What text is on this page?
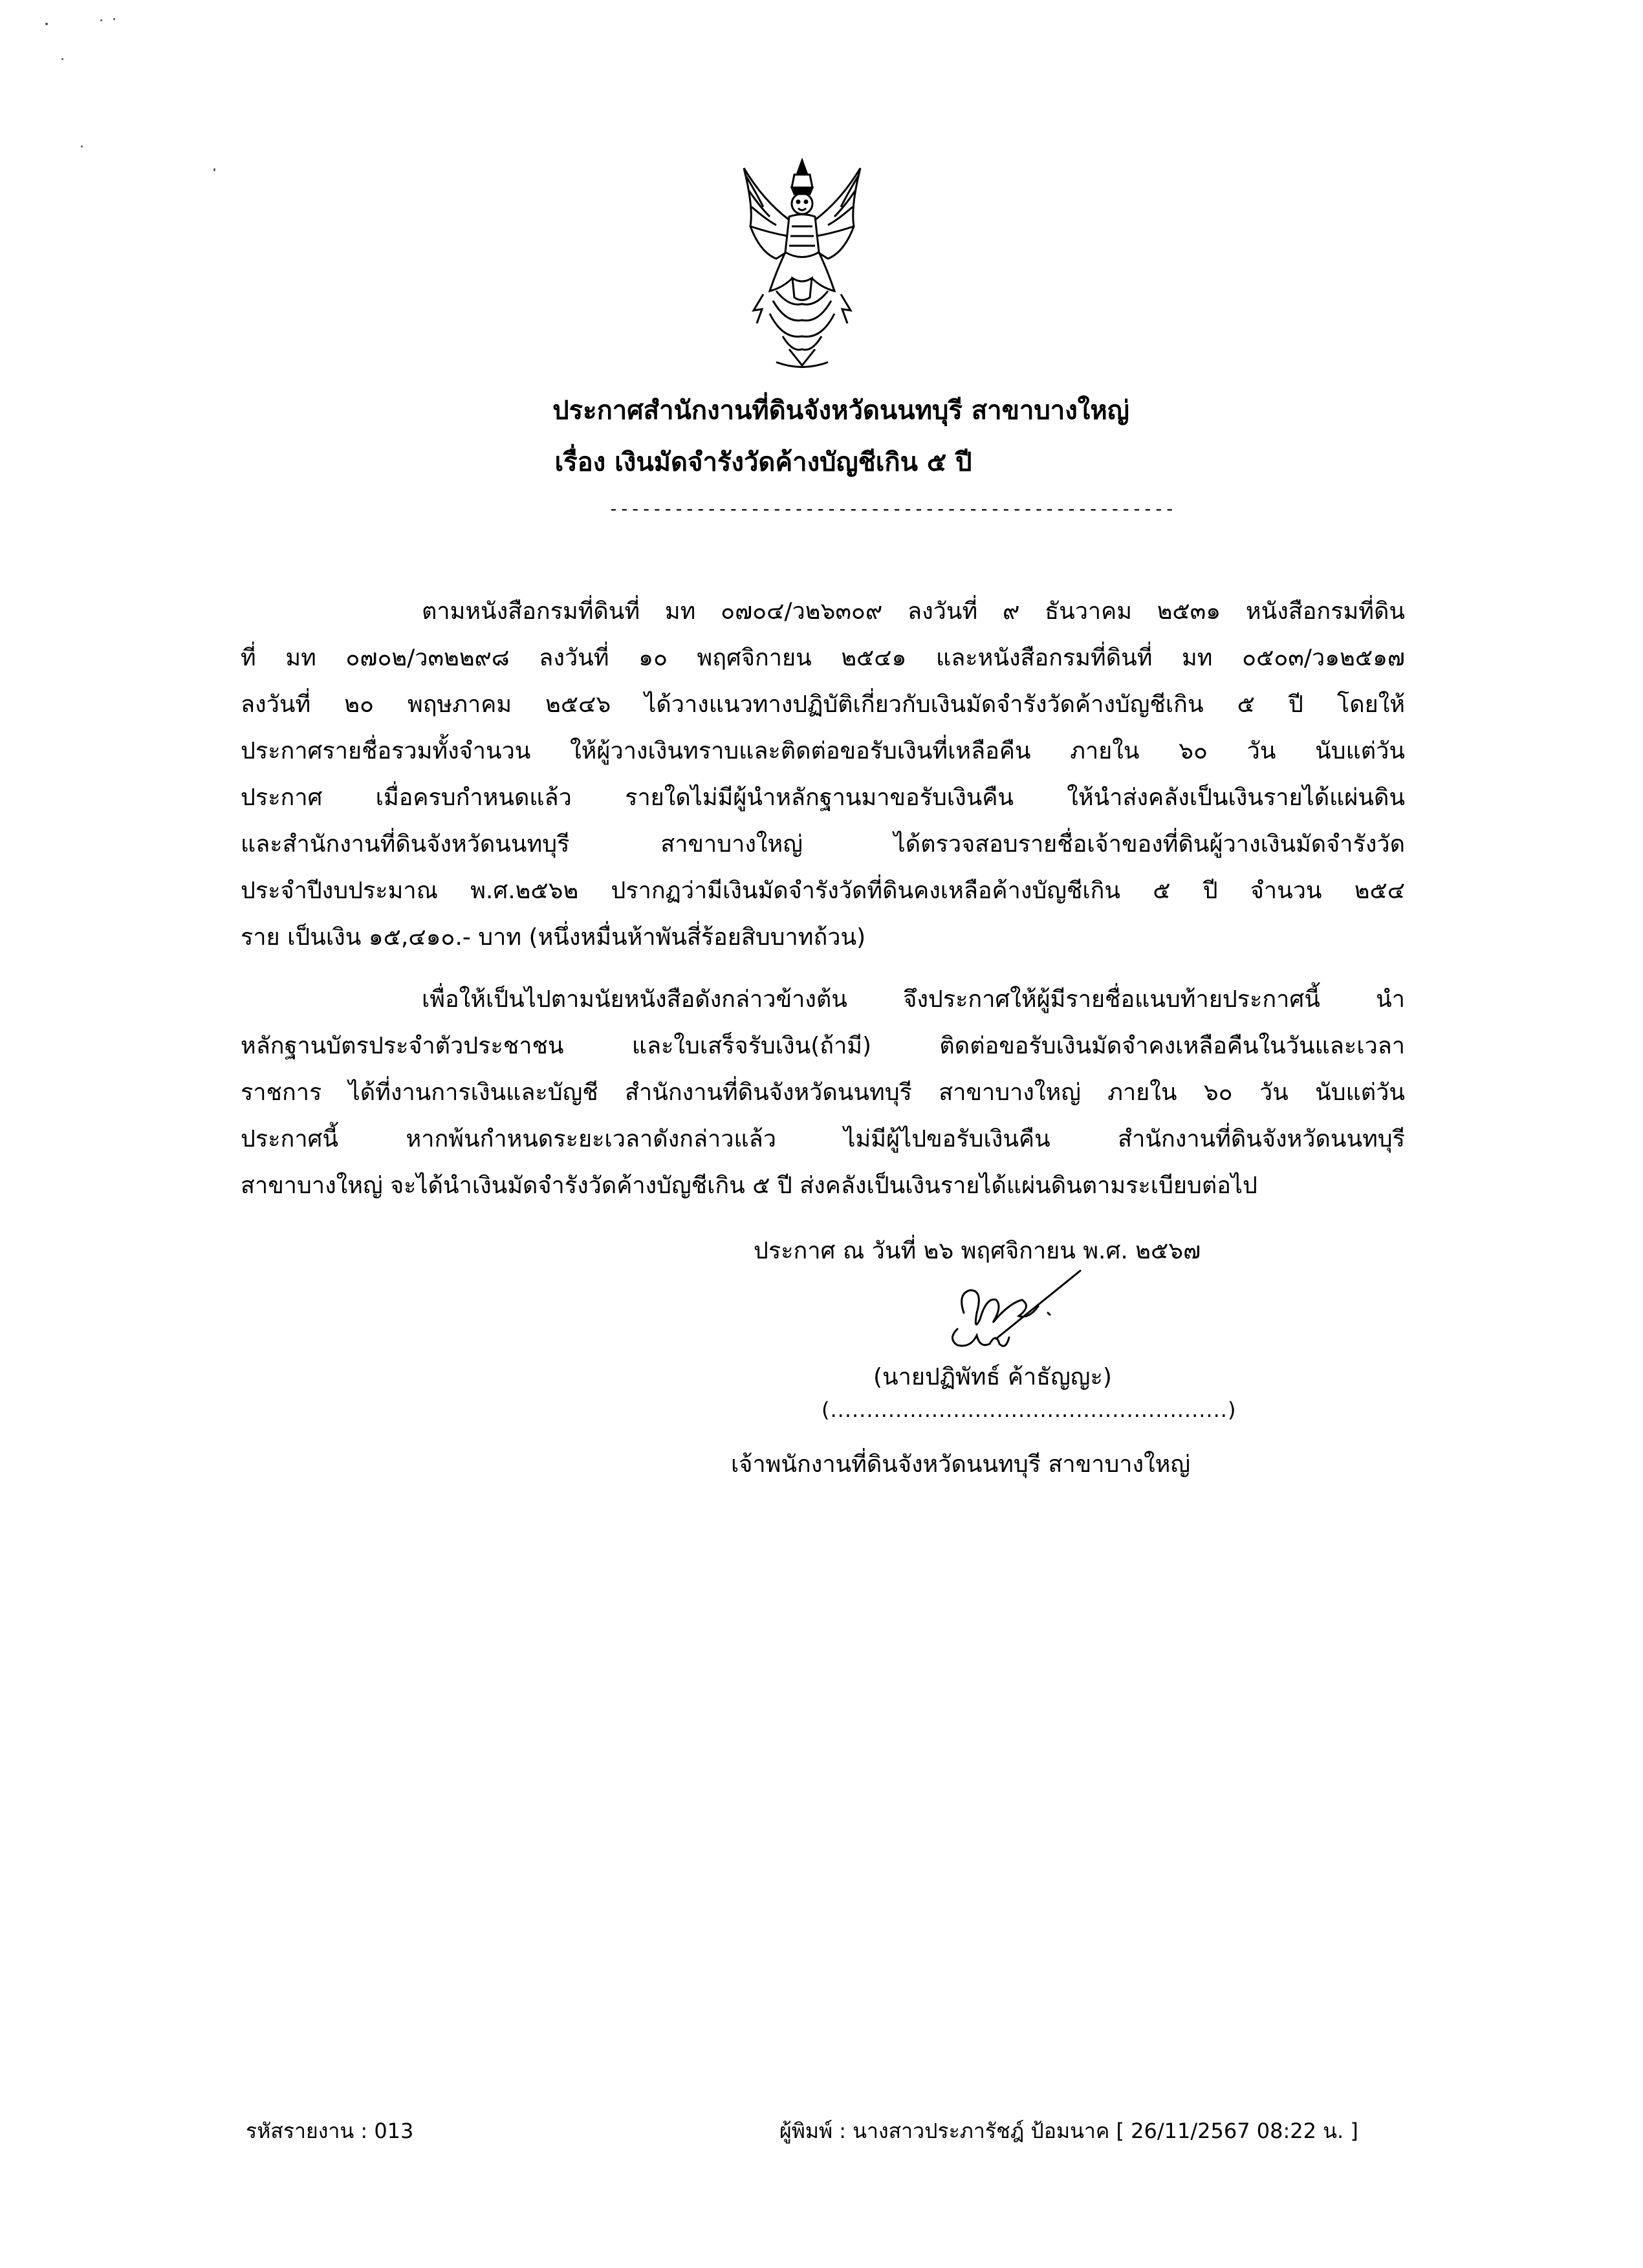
ประกาศสำนักงานที่ดินจังหวัดนนทบุรี สาขาบางใหญ่
เรื่อง เงินมัดจำรังวัดค้างบัญชีเกิน ๕ ปี
----------------------------------------------------
ตามหนังสือกรมที่ดินที่ มท ๐๗๐๔/ว๒๖๓๐๙ ลงวันที่ ๙ ธันวาคม ๒๕๓๑ หนังสือกรมที่ดิน
ที่ มท ๐๗๐๒/ว๓๒๒๙๘ ลงวันที่ ๑๐ พฤศจิกายน ๒๕๔๑ และหนังสือกรมที่ดินที่ มท ๐๕๐๓/ว๑๒๕๑๗
ลงวันที่ ๒๐ พฤษภาคม ๒๕๔๖ ได้วางแนวทางปฏิบัติเกี่ยวกับเงินมัดจำรังวัดค้างบัญชีเกิน ๕ ปี โดยให้
ประกาศรายชื่อรวมทั้งจำนวน ให้ผู้วางเงินทราบและติดต่อขอรับเงินที่เหลือคืน ภายใน ๖๐ วัน นับแต่วัน
ประกาศ เมื่อครบกำหนดแล้ว รายใดไม่มีผู้นำหลักฐานมาขอรับเงินคืน ให้นำส่งคลังเป็นเงินรายได้แผ่นดิน
และสำนักงานที่ดินจังหวัดนนทบุรี สาขาบางใหญ่ ได้ตรวจสอบรายชื่อเจ้าของที่ดินผู้วางเงินมัดจำรังวัด
ประจำปีงบประมาณ พ.ศ.๒๕๖๒ ปรากฏว่ามีเงินมัดจำรังวัดที่ดินคงเหลือค้างบัญชีเกิน ๕ ปี จำนวน ๒๕๔
ราย เป็นเงิน ๑๕,๔๑๐.- บาท (หนึ่งหมื่นห้าพันสี่ร้อยสิบบาทถ้วน)
เพื่อให้เป็นไปตามนัยหนังสือดังกล่าวข้างต้น จึงประกาศให้ผู้มีรายชื่อแนบท้ายประกาศนี้ นำ
หลักฐานบัตรประจำตัวประชาชน และใบเสร็จรับเงิน(ถ้ามี) ติดต่อขอรับเงินมัดจำคงเหลือคืนในวันและเวลา
ราชการ ได้ที่งานการเงินและบัญชี สำนักงานที่ดินจังหวัดนนทบุรี สาขาบางใหญ่ ภายใน ๖๐ วัน นับแต่วัน
ประกาศนี้ หากพ้นกำหนดระยะเวลาดังกล่าวแล้ว ไม่มีผู้ไปขอรับเงินคืน สำนักงานที่ดินจังหวัดนนทบุรี
สาขาบางใหญ่ จะได้นำเงินมัดจำรังวัดค้างบัญชีเกิน ๕ ปี ส่งคลังเป็นเงินรายได้แผ่นดินตามระเบียบต่อไป
ประกาศ ณ วันที่ ๒๖ พฤศจิกายน พ.ศ. ๒๕๖๗
(นายปฏิพัทธ์ ค้าธัญญะ)
(.......................................................)
เจ้าพนักงานที่ดินจังหวัดนนทบุรี สาขาบางใหญ่
รหัสรายงาน : 013	ผู้พิมพ์ : นางสาวประภารัชฎ์ ป้อมนาค [ 26/11/2567 08:22 น. ]
